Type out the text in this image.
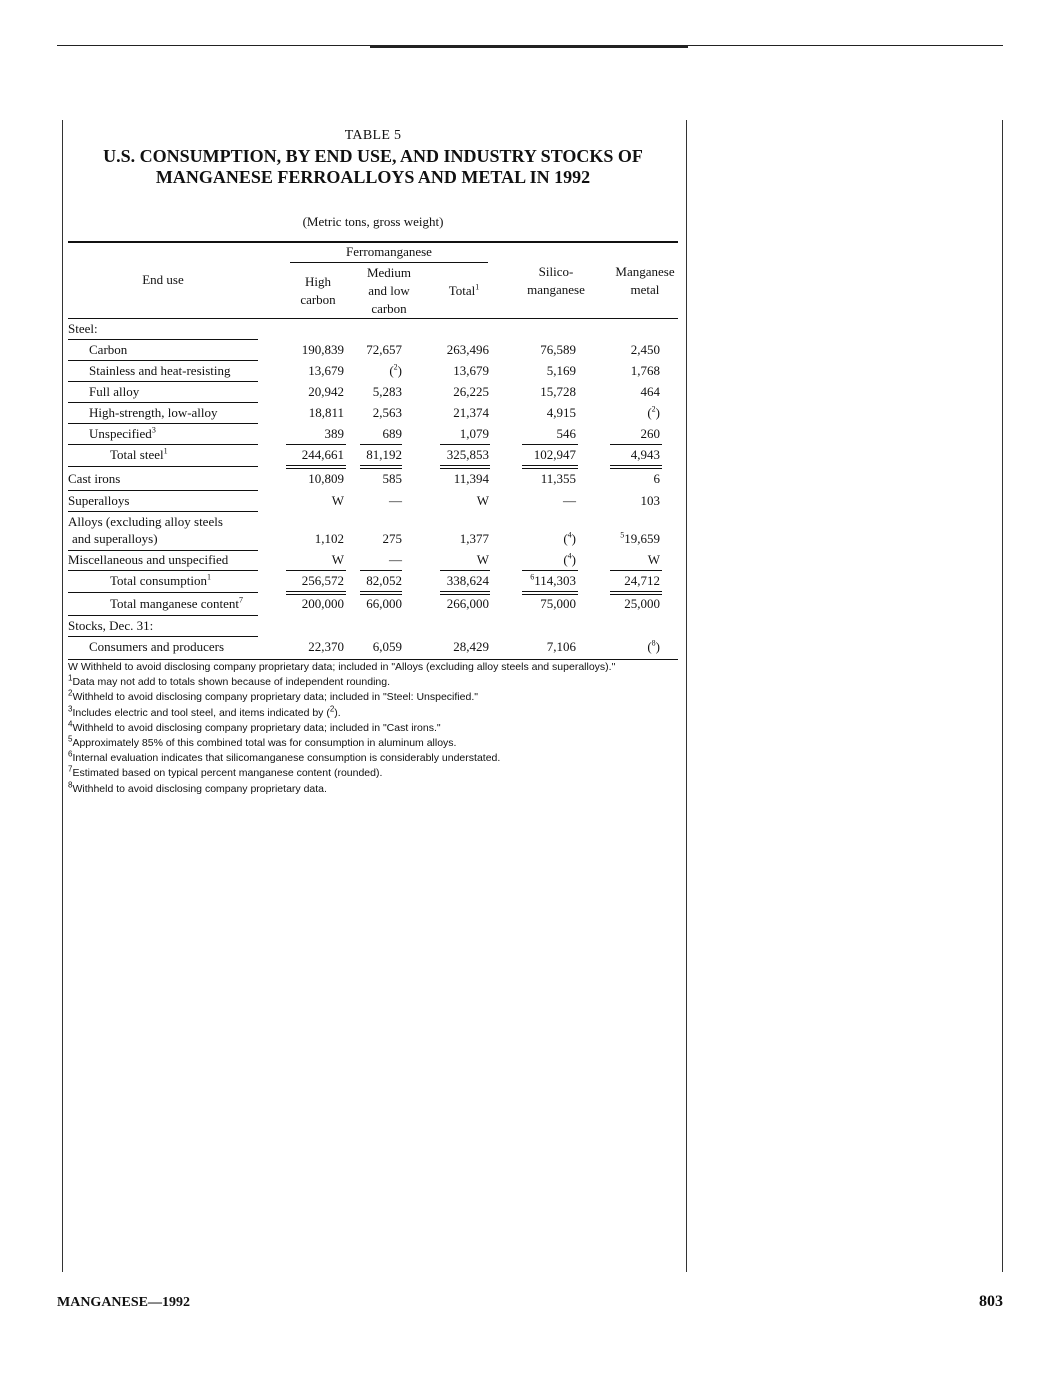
TABLE 5
U.S. CONSUMPTION, BY END USE, AND INDUSTRY STOCKS OF
MANGANESE FERROALLOYS AND METAL IN 1992
(Metric tons, gross weight)
End use
Ferromanganese
High
carbon
Medium
and low
carbon
Total$^1$
Silico-
manganese
Manganese
metal
Steel:
Carbon	190,839 72,657	263,496	76,589	2,450
Stainless and heat-resisting	13,679	($^2$)	13,679	5,169	1,768
Full alloy	20,942 5,283	26,225	15,728	464
High-strength, low-alloy	18,811 2,563	21,374	4,915	($^2$)
Unspecified$^3$	389	689	1,079	546	260
Total steel$^1$	244,661 81,192	325,853	102,947	4,943
Cast irons	10,809	585	11,394	11,355	6
Superalloys	W	—	W	—	103
Alloys (excluding alloy steels
and superalloys)	1,102	275	1,377	($^4$)	$^5$19,659
Miscellaneous and unspecified	W	—	W	($^4$)	W
Total consumption$^1$	256,572 82,052	338,624	$^6$114,303	24,712
Total manganese content$^7$	200,000 66,000	266,000	75,000	25,000
Stocks, Dec. 31:
Consumers and producers	22,370 6,059	28,429	7,106	($^8$)
W Withheld to avoid disclosing company proprietary data; included in "Alloys (excluding alloy steels and superalloys)."
$^1$Data may not add to totals shown because of independent rounding.
$^2$Withheld to avoid disclosing company proprietary data; included in "Steel: Unspecified."
$^3$Includes electric and tool steel, and items indicated by ($^2$).
$^4$Withheld to avoid disclosing company proprietary data; included in "Cast irons."
$^5$Approximately 85% of this combined total was for consumption in aluminum alloys.
$^6$Internal evaluation indicates that silicomanganese consumption is considerably understated.
$^7$Estimated based on typical percent manganese content (rounded).
$^8$Withheld to avoid disclosing company proprietary data.
MANGANESE—1992	803
